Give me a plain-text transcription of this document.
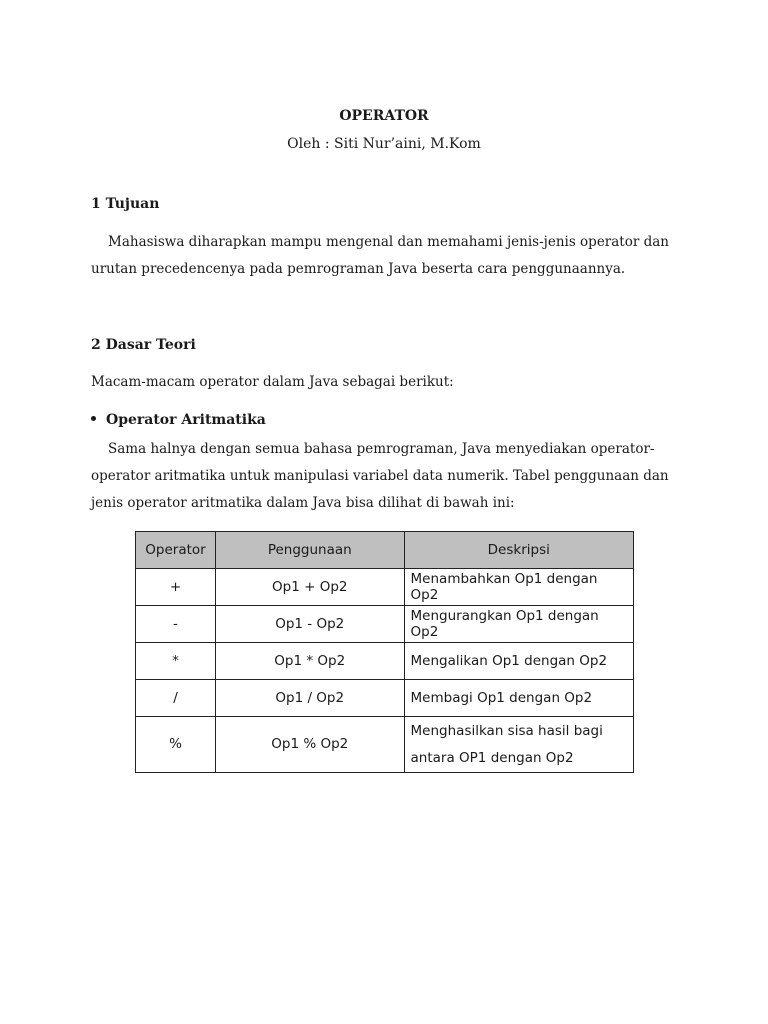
OPERATOR
Oleh : Siti Nur’aini, M.Kom
1 Tujuan

Mahasiswa diharapkan mampu mengenal dan memahami jenis-jenis operator dan urutan precedencenya pada pemrograman Java beserta cara penggunaannya.

2 Dasar Teori

Macam-macam operator dalam Java sebagai berikut:

Operator Aritmatika

Sama halnya dengan semua bahasa pemrograman, Java menyediakan operator-operator aritmatika untuk manipulasi variabel data numerik. Tabel penggunaan dan jenis operator aritmatika dalam Java bisa dilihat di bawah ini:

Operator	Penggunaan	Deskripsi
+	Op1 + Op2	Menambahkan Op1 dengan Op2
-	Op1 - Op2	Mengurangkan Op1 dengan Op2
*	Op1 * Op2	Mengalikan Op1 dengan Op2
/	Op1 / Op2	Membagi Op1 dengan Op2
%	Op1 % Op2	Menghasilkan sisa hasil bagi antara OP1 dengan Op2
